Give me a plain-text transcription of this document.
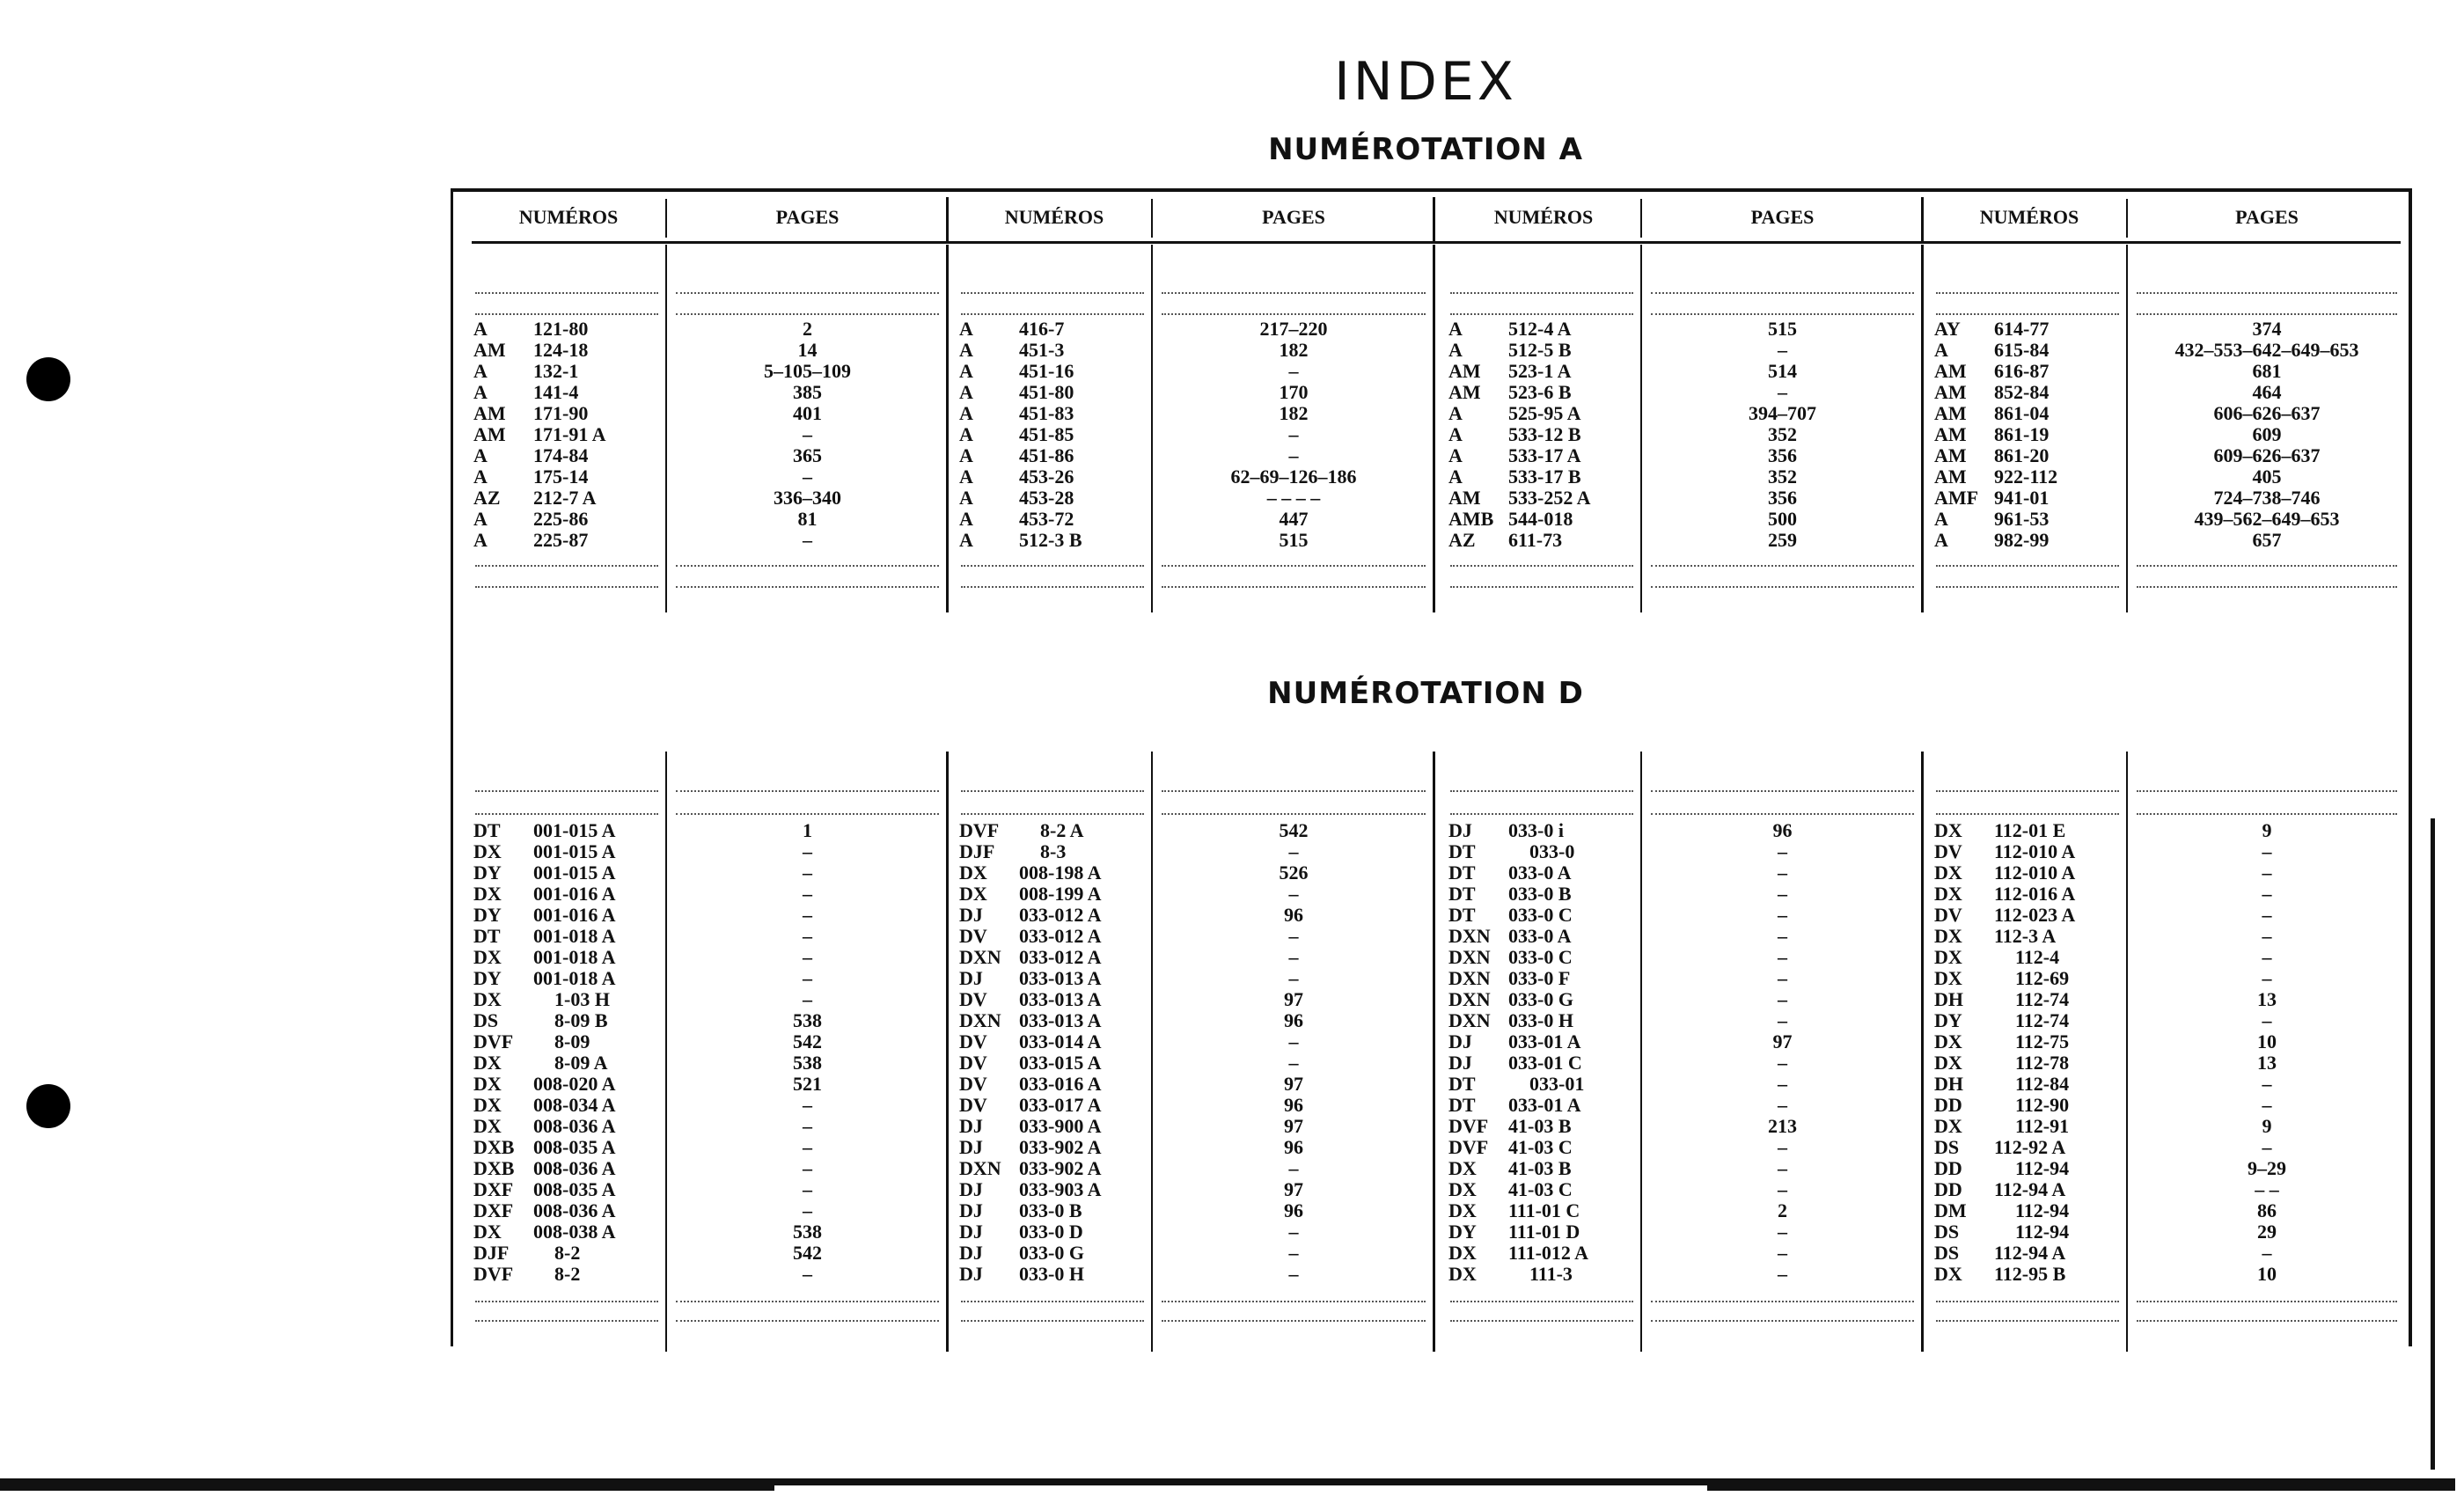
INDEX
NUMÉROTATION A
NUMÉROTATION D
NUMÉROS	PAGES	NUMÉROS	PAGES	NUMÉROS	PAGES	NUMÉROS	PAGES
A 121-80	2
AM 124-18	14
A 132-1	5–105–109
A 141-4	385
AM 171-90	401
AM 171-91 A	–
A 174-84	365
A 175-14	–
AZ 212-7 A	336–340
A 225-86	81
A 225-87	–
A 416-7	217–220
A 451-3	182
A 451-16	–
A 451-80	170
A 451-83	182
A 451-85	–
A 451-86	–
A 453-26	62–69–126–186
A 453-28	– – – –
A 453-72	447
A 512-3 B	515
A 512-4 A	515
A 512-5 B	–
AM 523-1 A	514
AM 523-6 B	–
A 525-95 A	394–707
A 533-12 B	352
A 533-17 A	356
A 533-17 B	352
AM 533-252 A	356
AMB 544-018	500
AZ 611-73	259
AY 614-77	374
A 615-84	432–553–642–649–653
AM 616-87	681
AM 852-84	464
AM 861-04	606–626–637
AM 861-19	609
AM 861-20	609–626–637
AM 922-112	405
AMF 941-01	724–738–746
A 961-53	439–562–649–653
A 982-99	657
DT 001-015 A	1
DX 001-015 A	–
DY 001-015 A	–
DX 001-016 A	–
DY 001-016 A	–
DT 001-018 A	–
DX 001-018 A	–
DY 001-018 A	–
DX	1-03 H	–
DS	8-09 B	538
DVF 8-09	542
DX	8-09 A	538
DX 008-020 A	521
DX 008-034 A	–
DX 008-036 A	–
DXB 008-035 A	–
DXB 008-036 A	–
DXF 008-035 A	–
DXF 008-036 A	–
DX 008-038 A	538
DJF 8-2	542
DVF 8-2	–
DVF 8-2 A	542
DJF 8-3	–
DX 008-198 A	526
DX 008-199 A	–
DJ 033-012 A	96
DV 033-012 A	–
DXN 033-012 A	–
DJ 033-013 A	–
DV 033-013 A	97
DXN 033-013 A	96
DV 033-014 A	–
DV 033-015 A	–
DV 033-016 A	97
DV 033-017 A	96
DJ 033-900 A	97
DJ 033-902 A	96
DXN 033-902 A	–
DJ 033-903 A	97
DJ 033-0 B	96
DJ 033-0 D	–
DJ 033-0 G	–
DJ 033-0 H	–
DJ 033-0 i	96
DT	033-0	–
DT 033-0 A	–
DT 033-0 B	–
DT 033-0 C	–
DXN 033-0 A	–
DXN 033-0 C	–
DXN 033-0 F	–
DXN 033-0 G	–
DXN 033-0 H	–
DJ 033-01 A	97
DJ 033-01 C	–
DT	033-01	–
DT 033-01 A	–
DVF 41-03 B	213
DVF 41-03 C	–
DX 41-03 B	–
DX 41-03 C	–
DX 111-01 C	2
DY 111-01 D	–
DX 111-012 A	–
DX	111-3	–
DX 112-01 E	9
DV 112-010 A	–
DX 112-010 A	–
DX 112-016 A	–
DV 112-023 A	–
DX 112-3 A	–
DX	112-4	–
DX	112-69	–
DH	112-74	13
DY	112-74	–
DX	112-75	10
DX	112-78	13
DH	112-84	–
DD	112-90	–
DX	112-91	9
DS 112-92 A	–
DD	112-94	9–29
DD 112-94 A	– –
DM	112-94	86
DS	112-94	29
DS 112-94 A	–
DX 112-95 B	10
